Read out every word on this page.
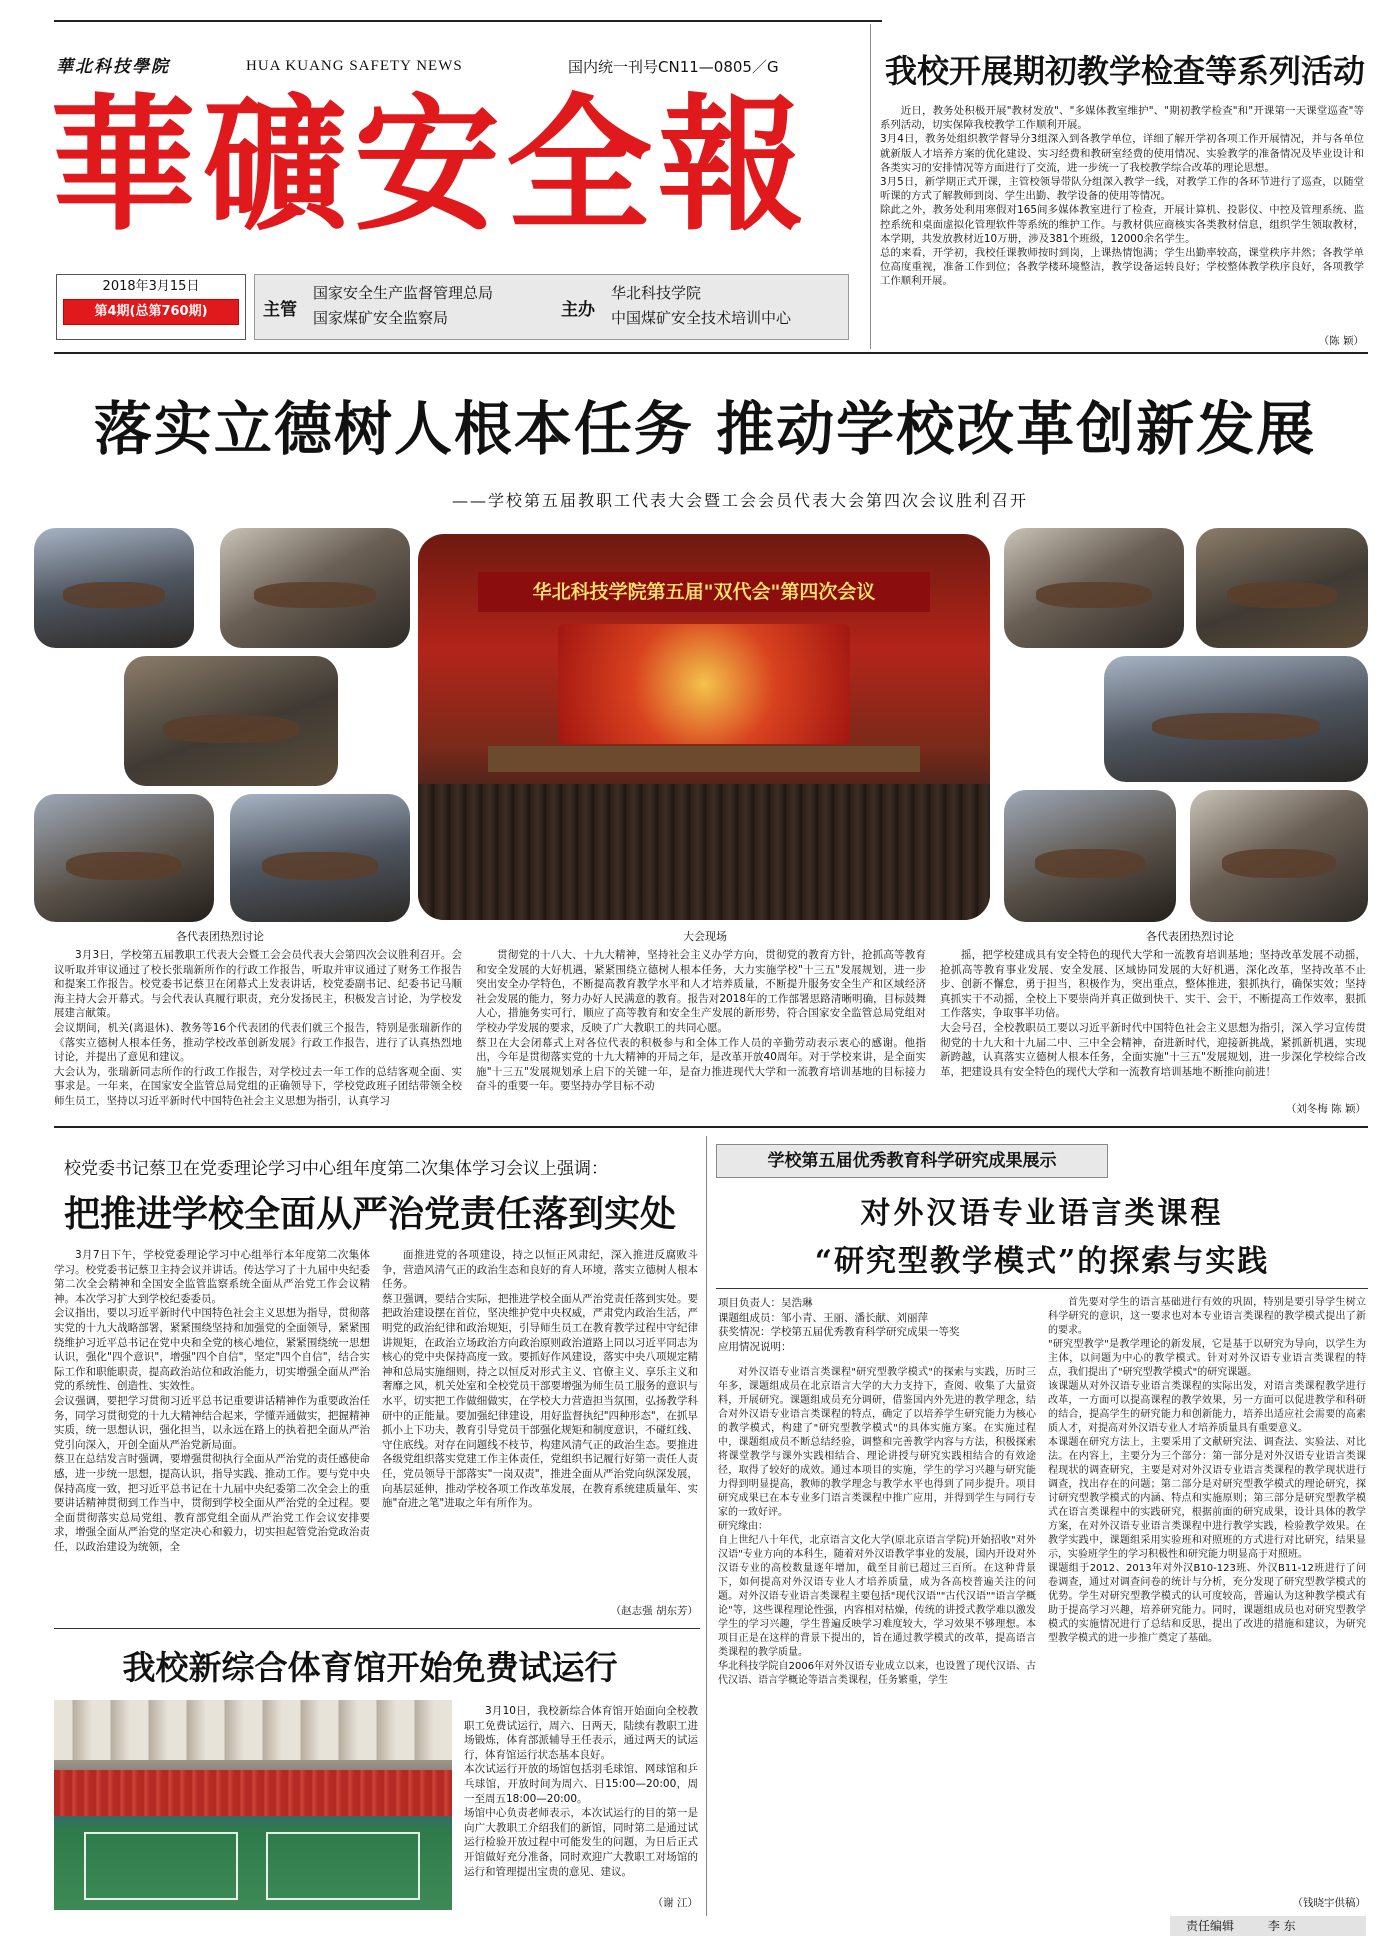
華北科技學院	HUA KUANG SAFETY NEWS	国内统一刊号CN11—0805／G
華礦安全報
2018年3月15日
第4期(总第760期)	主管
国家安全生产监督管理总局
国家煤矿安全监察局	主办
华北科技学院
中国煤矿安全技术培训中心
我校开展期初教学检查等系列活动
近日，教务处积极开展"教材发放"、"多媒体教室维护"、"期初教学检查"和"开课第一天课堂巡查"等系列活动，切实保障我校教学工作顺利开展。
3月4日，教务处组织教学督导分3组深入到各教学单位，详细了解开学初各项工作开展情况，并与各单位就新版人才培养方案的优化建设、实习经费和教研室经费的使用情况、实验教学的准备情况及毕业设计和各类实习的安排情况等方面进行了交流，进一步统一了我校教学综合改革的理论思想。
3月5日，新学期正式开课，主管校领导带队分组深入教学一线，对教学工作的各环节进行了巡查，以随堂听课的方式了解教师到岗、学生出勤、教学设备的使用等情况。
除此之外，教务处利用寒假对165间多媒体教室进行了检查，开展计算机、投影仪、中控及管理系统、监控系统和桌面虚拟化管理软件等系统的维护工作。与教材供应商核实各类教材信息，组织学生领取教材，本学期，共发放教材近10万册，涉及381个班级，12000余名学生。
总的来看，开学初，我校任课教师按时到岗，上课热情饱满；学生出勤率较高，课堂秩序井然；各教学单位高度重视，准备工作到位；各教学楼环境整洁，教学设备运转良好；学校整体教学秩序良好，各项教学工作顺利开展。
（陈 颖）
落实立德树人根本任务 推动学校改革创新发展
——学校第五届教职工代表大会暨工会会员代表大会第四次会议胜利召开
各代表团热烈讨论
华北科技学院第五届"双代会"第四次会议
大会现场	各代表团热烈讨论
3月3日，学校第五届教职工代表大会暨工会会员代表大会第四次会议胜利召开。会议听取并审议通过了校长张瑞新所作的行政工作报告，听取并审议通过了财务工作报告和提案工作报告。校党委书记蔡卫在闭幕式上发表讲话，校党委副书记、纪委书记马顺海主持大会开幕式。与会代表认真履行职责，充分发扬民主，积极发言讨论，为学校发展建言献策。
会议期间，机关(离退休)、教务等16个代表团的代表们就三个报告，特别是张瑞新作的《落实立德树人根本任务，推动学校改革创新发展》行政工作报告，进行了认真热烈地讨论，并提出了意见和建议。
大会认为，张瑞新同志所作的行政工作报告，对学校过去一年工作的总结客观全面、实事求是。一年来，在国家安全监管总局党组的正确领导下，学校党政班子团结带领全校师生员工，坚持以习近平新时代中国特色社会主义思想为指引，认真学习
贯彻党的十八大、十九大精神，坚持社会主义办学方向，贯彻党的教育方针，抢抓高等教育和安全发展的大好机遇，紧紧围绕立德树人根本任务，大力实施学校"十三五"发展规划，进一步突出安全办学特色，不断提高教育教学水平和人才培养质量，不断提升服务安全生产和区域经济社会发展的能力，努力办好人民满意的教育。报告对2018年的工作部署思路清晰明确，目标鼓舞人心，措施务实可行，顺应了高等教育和安全生产发展的新形势，符合国家安全监管总局党组对学校办学发展的要求，反映了广大教职工的共同心愿。
蔡卫在大会闭幕式上对各位代表的积极参与和全体工作人员的辛勤劳动表示衷心的感谢。他指出，今年是贯彻落实党的十九大精神的开局之年，是改革开放40周年。对于学校来讲，是全面实施"十三五"发展规划承上启下的关键一年，是奋力推进现代大学和一流教育培训基地的目标接力奋斗的重要一年。要坚持办学目标不动
摇，把学校建成具有安全特色的现代大学和一流教育培训基地；坚持改革发展不动摇，抢抓高等教育事业发展、安全发展、区域协同发展的大好机遇，深化改革，坚持改革不止步、创新不懈怠，勇于担当，积极作为，突出重点，整体推进，狠抓执行，确保实效；坚持真抓实干不动摇，全校上下要崇尚并真正做到快干、实干、会干，不断提高工作效率，狠抓工作落实，争取事半功倍。
大会号召，全校教职员工要以习近平新时代中国特色社会主义思想为指引，深入学习宣传贯彻党的十九大和十九届二中、三中全会精神，奋进新时代，迎接新挑战，紧抓新机遇，实现新跨越，认真落实立德树人根本任务，全面实施"十三五"发展规划，进一步深化学校综合改革，把建设具有安全特色的现代大学和一流教育培训基地不断推向前进！
（刘冬梅 陈 颖）
校党委书记蔡卫在党委理论学习中心组年度第二次集体学习会议上强调：
把推进学校全面从严治党责任落到实处
3月7日下午，学校党委理论学习中心组举行本年度第二次集体学习。校党委书记蔡卫主持会议并讲话。传达学习了十九届中央纪委第二次全会精神和全国安全监管监察系统全面从严治党工作会议精神。本次学习扩大到学校纪委委员。
会议指出，要以习近平新时代中国特色社会主义思想为指导，贯彻落实党的十九大战略部署，紧紧围绕坚持和加强党的全面领导，紧紧围绕维护习近平总书记在党中央和全党的核心地位，紧紧围绕统一思想认识，强化"四个意识"，增强"四个自信"，坚定"四个自信"，结合实际工作和职能职责，提高政治站位和政治能力，切实增强全面从严治党的系统性、创造性、实效性。
会议强调，要把学习贯彻习近平总书记重要讲话精神作为重要政治任务，同学习贯彻党的十九大精神结合起来，学懂弄通做实，把握精神实质，统一思想认识，强化担当，以永远在路上的执着把全面从严治党引向深入，开创全面从严治党新局面。
蔡卫在总结发言时强调，要增强贯彻执行全面从严治党的责任感使命感，进一步统一思想，提高认识，指导实践、推动工作。要与党中央保持高度一致，把习近平总书记在十九届中央纪委第二次全会上的重要讲话精神贯彻到工作当中，贯彻到学校全面从严治党的全过程。要全面贯彻落实总局党组、教育部党组全面从严治党工作会议安排要求，增强全面从严治党的坚定决心和毅力，切实担起管党治党政治责任，以政治建设为统领，全
面推进党的各项建设，持之以恒正风肃纪，深入推进反腐败斗争，营造风清气正的政治生态和良好的育人环境，落实立德树人根本任务。
蔡卫强调，要结合实际，把推进学校全面从严治党责任落到实处。要把政治建设摆在首位，坚决维护党中央权威，严肃党内政治生活，严明党的政治纪律和政治规矩，引导师生员工在教育教学过程中守纪律讲规矩，在政治立场政治方向政治原则政治道路上同以习近平同志为核心的党中央保持高度一致。要抓好作风建设，落实中央八项规定精神和总局实施细则，持之以恒反对形式主义、官僚主义、享乐主义和奢靡之风，机关处室和全校党员干部要增强为师生员工服务的意识与水平，切实把工作做细做实，在学校大力营造担当氛围，弘扬教学科研中的正能量。要加强纪律建设，用好监督执纪"四种形态"，在抓早抓小上下功夫，教育引导党员干部强化规矩和制度意识，不碰红线、守住底线。对存在问题线不枝节，构建风清气正的政治生态。要推进各级党组织落实党建工作主体责任，党组织书记履行好第一责任人责任，党员领导干部落实"一岗双责"，推进全面从严治党向纵深发展，向基层延伸，推动学校各项工作改革发展，在教育系统建质量年、实施"奋进之笔"进取之年有所作为。
（赵志强 胡东芳）
我校新综合体育馆开始免费试运行
3月10日，我校新综合体育馆开始面向全校教职工免费试运行，周六、日两天，陆续有教职工进场锻炼，体育部派辅导王任表示，通过两天的试运行，体育馆运行状态基本良好。
本次试运行开放的场馆包括羽毛球馆、网球馆和乒乓球馆，开放时间为周六、日15:00—20:00，周一至周五18:00—20:00。
场馆中心负责老师表示，本次试运行的目的第一是向广大教职工介绍我们的新馆，同时第二是通过试运行检验开放过程中可能发生的问题，为日后正式开馆做好充分准备，同时欢迎广大教职工对场馆的运行和管理提出宝贵的意见、建议。
（谢 江）
学校第五届优秀教育科学研究成果展示
对外汉语专业语言类课程
“研究型教学模式”的探索与实践
项目负责人：吴浩琳
课题组成员：邹小青、王丽、潘长献、刘丽萍
获奖情况：学校第五届优秀教育科学研究成果一等奖
应用情况说明：
对外汉语专业语言类课程"研究型教学模式"的探索与实践，历时三年多，课题组成员在北京语言大学的大力支持下，查阅、收集了大量资料，开展研究。课题组成员充分调研，借鉴国内外先进的教学理念，结合对外汉语专业语言类课程的特点，确定了以培养学生研究能力为核心的教学模式，构建了"研究型教学模式"的具体实施方案。在实施过程中，课题组成员不断总结经验，调整和完善教学内容与方法，积极探索将课堂教学与课外实践相结合、理论讲授与研究实践相结合的有效途径，取得了较好的成效。通过本项目的实施，学生的学习兴趣与研究能力得到明显提高，教师的教学理念与教学水平也得到了同步提升。项目研究成果已在本专业多门语言类课程中推广应用，并得到学生与同行专家的一致好评。
研究缘由：
自上世纪八十年代，北京语言文化大学(原北京语言学院)开始招收"对外汉语"专业方向的本科生，随着对外汉语教学事业的发展，国内开设对外汉语专业的高校数量逐年增加，截至目前已超过三百所。在这种背景下，如何提高对外汉语专业人才培养质量，成为各高校普遍关注的问题。对外汉语专业语言类课程主要包括"现代汉语""古代汉语""语言学概论"等，这些课程理论性强，内容相对枯燥，传统的讲授式教学难以激发学生的学习兴趣，学生普遍反映学习难度较大，学习效果不够理想。本项目正是在这样的背景下提出的，旨在通过教学模式的改革，提高语言类课程的教学质量。
华北科技学院自2006年对外汉语专业成立以来，也设置了现代汉语、古代汉语、语言学概论等语言类课程，任务繁重，学生
首先要对学生的语言基础进行有效的巩固，特别是要引导学生树立科学研究的意识，这一要求也对本专业语言类课程的教学模式提出了新的要求。
"研究型教学"是教学理论的新发展，它是基于以研究为导向，以学生为主体，以问题为中心的教学模式。针对对外汉语专业语言类课程的特点，我们提出了"研究型教学模式"的研究课题。
该课题从对外汉语专业语言类课程的实际出发，对语言类课程教学进行改革，一方面可以提高课程的教学效果，另一方面可以促进教学和科研的结合，提高学生的研究能力和创新能力，培养出适应社会需要的高素质人才，对提高对外汉语专业人才培养质量具有重要意义。
本课题在研究方法上，主要采用了文献研究法、调查法、实验法、对比法。在内容上，主要分为三个部分：第一部分是对外汉语专业语言类课程现状的调查研究，主要是对对外汉语专业语言类课程的教学现状进行调查，找出存在的问题；第二部分是对研究型教学模式的理论研究，探讨研究型教学模式的内涵、特点和实施原则；第三部分是研究型教学模式在语言类课程中的实践研究，根据前面的研究成果，设计具体的教学方案，在对外汉语专业语言类课程中进行教学实践，检验教学效果。在教学实践中，课题组采用实验班和对照班的方式进行对比研究，结果显示，实验班学生的学习积极性和研究能力明显高于对照班。
课题组于2012、2013年对外汉B10-123班、外汉B11-12班进行了问卷调查，通过对调查问卷的统计与分析，充分发现了研究型教学模式的优势。学生对研究型教学模式的认可度较高，普遍认为这种教学模式有助于提高学习兴趣，培养研究能力。同时，课题组成员也对研究型教学模式的实施情况进行了总结和反思，提出了改进的措施和建议，为研究型教学模式的进一步推广奠定了基础。
（钱晓宇供稿）
责任编辑	李 东
